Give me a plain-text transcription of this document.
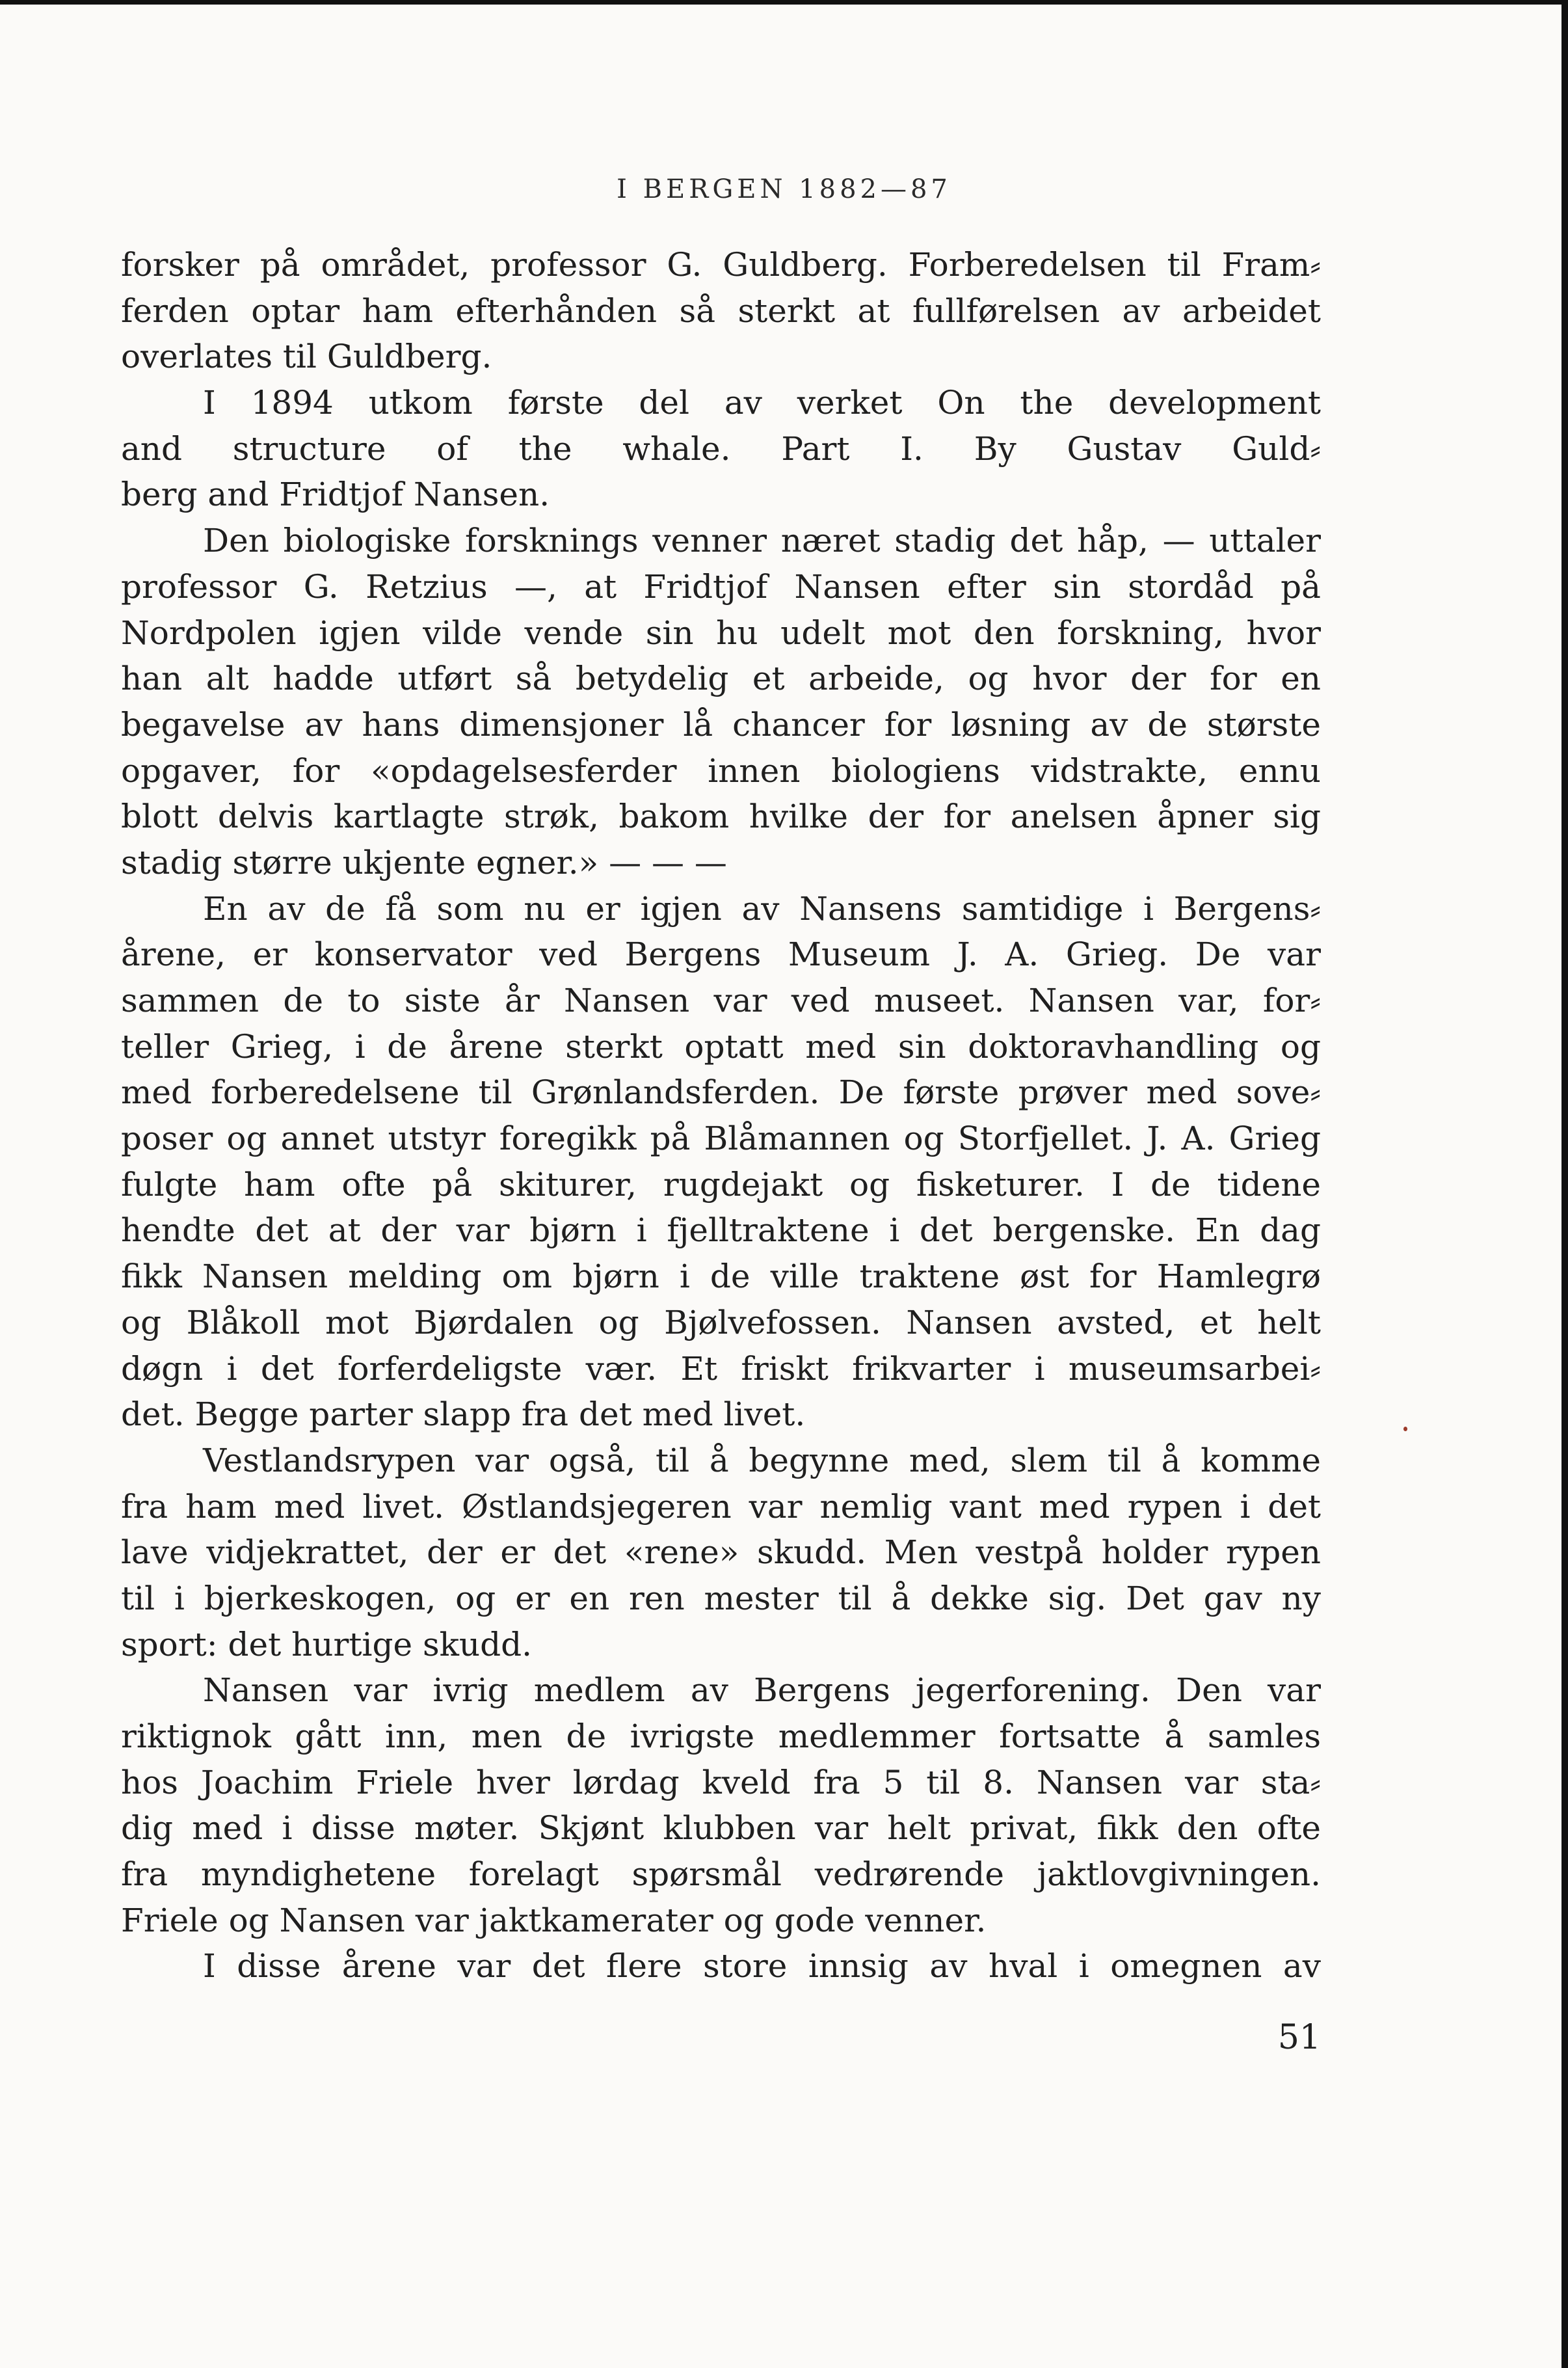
I BERGEN 1882—87
forsker på området, professor G. Guldberg. Forberedelsen til Fram⸗
ferden optar ham efterhånden så sterkt at fullførelsen av arbeidet
overlates til Guldberg.
I 1894 utkom første del av verket On the development
and structure of the whale. Part I. By Gustav Guld⸗
berg and Fridtjof Nansen.
Den biologiske forsknings venner næret stadig det håp, — uttaler
professor G. Retzius —, at Fridtjof Nansen efter sin stordåd på
Nordpolen igjen vilde vende sin hu udelt mot den forskning, hvor
han alt hadde utført så betydelig et arbeide, og hvor der for en
begavelse av hans dimensjoner lå chancer for løsning av de største
opgaver, for «opdagelsesferder innen biologiens vidstrakte, ennu
blott delvis kartlagte strøk, bakom hvilke der for anelsen åpner sig
stadig større ukjente egner.» — — —
En av de få som nu er igjen av Nansens samtidige i Bergens⸗
årene, er konservator ved Bergens Museum J. A. Grieg. De var
sammen de to siste år Nansen var ved museet. Nansen var, for⸗
teller Grieg, i de årene sterkt optatt med sin doktoravhandling og
med forberedelsene til Grønlandsferden. De første prøver med sove⸗
poser og annet utstyr foregikk på Blåmannen og Storfjellet. J. A. Grieg
fulgte ham ofte på skiturer, rugdejakt og fisketurer. I de tidene
hendte det at der var bjørn i fjelltraktene i det bergenske. En dag
fikk Nansen melding om bjørn i de ville traktene øst for Hamlegrø
og Blåkoll mot Bjørdalen og Bjølvefossen. Nansen avsted, et helt
døgn i det forferdeligste vær. Et friskt frikvarter i museumsarbei⸗
det. Begge parter slapp fra det med livet.
Vestlandsrypen var også, til å begynne med, slem til å komme
fra ham med livet. Østlandsjegeren var nemlig vant med rypen i det
lave vidjekrattet, der er det «rene» skudd. Men vestpå holder rypen
til i bjerkeskogen, og er en ren mester til å dekke sig. Det gav ny
sport: det hurtige skudd.
Nansen var ivrig medlem av Bergens jegerforening. Den var
riktignok gått inn, men de ivrigste medlemmer fortsatte å samles
hos Joachim Friele hver lørdag kveld fra 5 til 8. Nansen var sta⸗
dig med i disse møter. Skjønt klubben var helt privat, fikk den ofte
fra myndighetene forelagt spørsmål vedrørende jaktlovgivningen.
Friele og Nansen var jaktkamerater og gode venner.
I disse årene var det flere store innsig av hval i omegnen av
51
